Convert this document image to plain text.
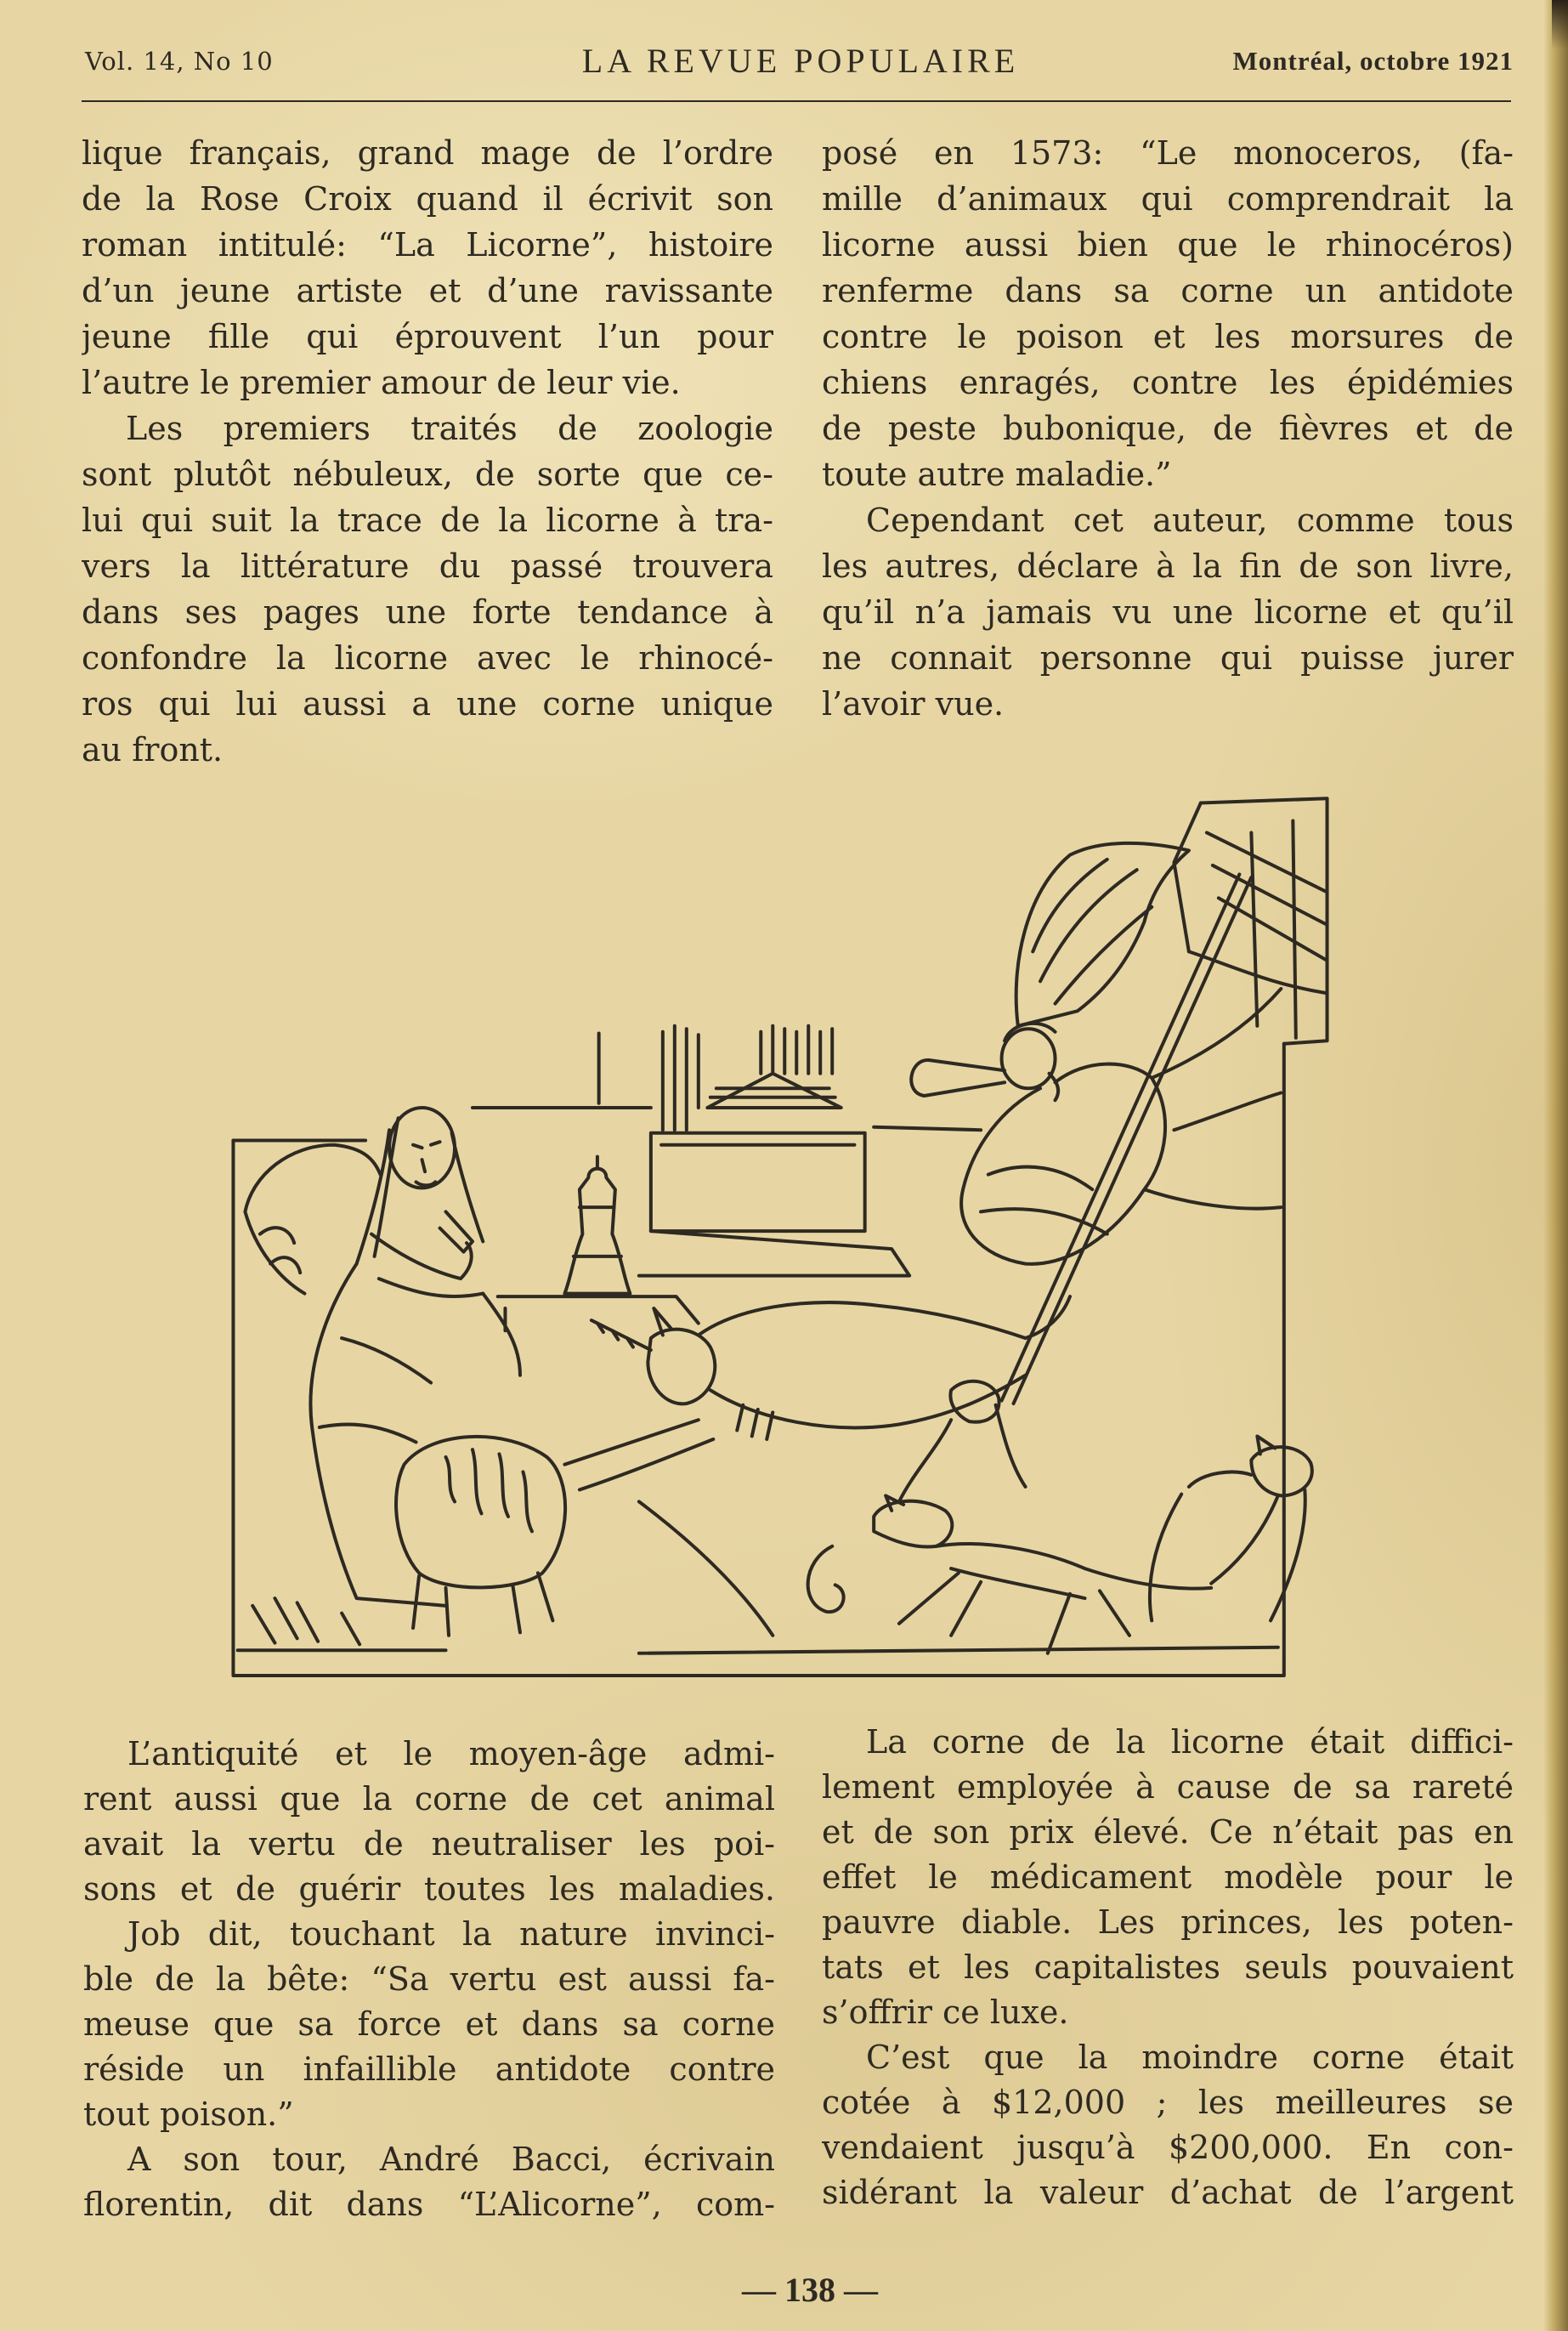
Vol. 14, No 10	LA REVUE POPULAIRE	Montréal, octobre 1921
lique français, grand mage de l’ordre
de la Rose Croix quand il écrivit son
roman intitulé: “La Licorne”, histoire
d’un jeune artiste et d’une ravissante
jeune fille qui éprouvent l’un pour
l’autre le premier amour de leur vie.
Les premiers traités de zoologie
sont plutôt nébuleux, de sorte que ce-
lui qui suit la trace de la licorne à tra-
vers la littérature du passé trouvera
dans ses pages une forte tendance à
confondre la licorne avec le rhinocé-
ros qui lui aussi a une corne unique
au front.
posé en 1573: “Le monoceros, (fa-
mille d’animaux qui comprendrait la
licorne aussi bien que le rhinocéros)
renferme dans sa corne un antidote
contre le poison et les morsures de
chiens enragés, contre les épidémies
de peste bubonique, de fièvres et de
toute autre maladie.”
Cependant cet auteur, comme tous
les autres, déclare à la fin de son livre,
qu’il n’a jamais vu une licorne et qu’il
ne connait personne qui puisse jurer
l’avoir vue.
L’antiquité et le moyen-âge admi-
rent aussi que la corne de cet animal
avait la vertu de neutraliser les poi-
sons et de guérir toutes les maladies.
Job dit, touchant la nature invinci-
ble de la bête: “Sa vertu est aussi fa-
meuse que sa force et dans sa corne
réside un infaillible antidote contre
tout poison.”
A son tour, André Bacci, écrivain
florentin, dit dans “L’Alicorne”, com-
La corne de la licorne était diffici-
lement employée à cause de sa rareté
et de son prix élevé. Ce n’était pas en
effet le médicament modèle pour le
pauvre diable. Les princes, les poten-
tats et les capitalistes seuls pouvaient
s’offrir ce luxe.
C’est que la moindre corne était
cotée à $12,000 ; les meilleures se
vendaient jusqu’à $200,000. En con-
sidérant la valeur d’achat de l’argent
— 138 —
